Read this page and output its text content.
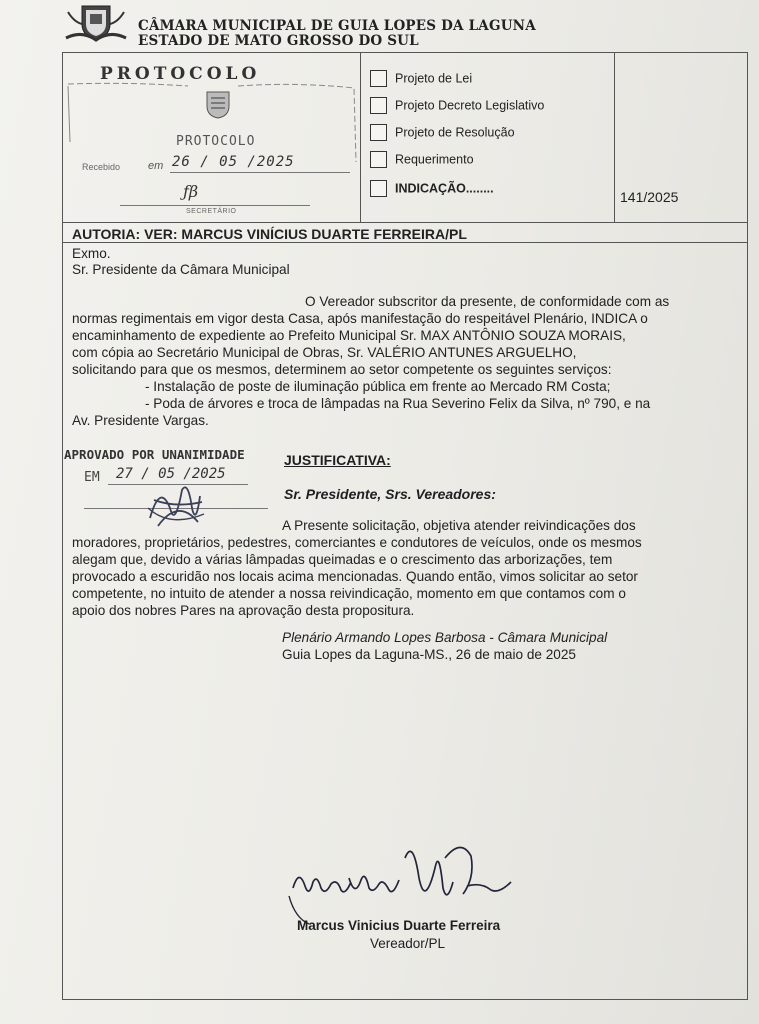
CÂMARA MUNICIPAL DE GUIA LOPES DA LAGUNA
ESTADO DE MATO GROSSO DO SUL
PROTOCOLO
PROTOCOLO
Recebido	em 26 / 05 /2025
ƒβ
SECRETÁRIO
Projeto de Lei
Projeto Decreto Legislativo
Projeto de Resolução
Requerimento
INDICAÇÃO........
141/2025
AUTORIA: VER: MARCUS VINÍCIUS DUARTE FERREIRA/PL
Exmo.
Sr. Presidente da Câmara Municipal
O Vereador subscritor da presente, de conformidade com as
normas regimentais em vigor desta Casa, após manifestação do respeitável Plenário, INDICA o
encaminhamento de expediente ao Prefeito Municipal Sr. MAX ANTÔNIO SOUZA MORAIS,
com cópia ao Secretário Municipal de Obras, Sr. VALÉRIO ANTUNES ARGUELHO,
solicitando para que os mesmos, determinem ao setor competente os seguintes serviços:
- Instalação de poste de iluminação pública em frente ao Mercado RM Costa;
- Poda de árvores e troca de lâmpadas na Rua Severino Felix da Silva, nº 790, e na
Av. Presidente Vargas.
APROVADO POR UNANIMIDADE
EM 27 / 05 /2025
JUSTIFICATIVA:
Sr. Presidente, Srs. Vereadores:
A Presente solicitação, objetiva atender reivindicações dos
moradores, proprietários, pedestres, comerciantes e condutores de veículos, onde os mesmos
alegam que, devido a várias lâmpadas queimadas e o crescimento das arborizações, tem
provocado a escuridão nos locais acima mencionadas. Quando então, vimos solicitar ao setor
competente, no intuito de atender a nossa reivindicação, momento em que contamos com o
apoio dos nobres Pares na aprovação desta propositura.
Plenário Armando Lopes Barbosa - Câmara Municipal
Guia Lopes da Laguna-MS., 26 de maio de 2025
Marcus Vinicius Duarte Ferreira
Vereador/PL
